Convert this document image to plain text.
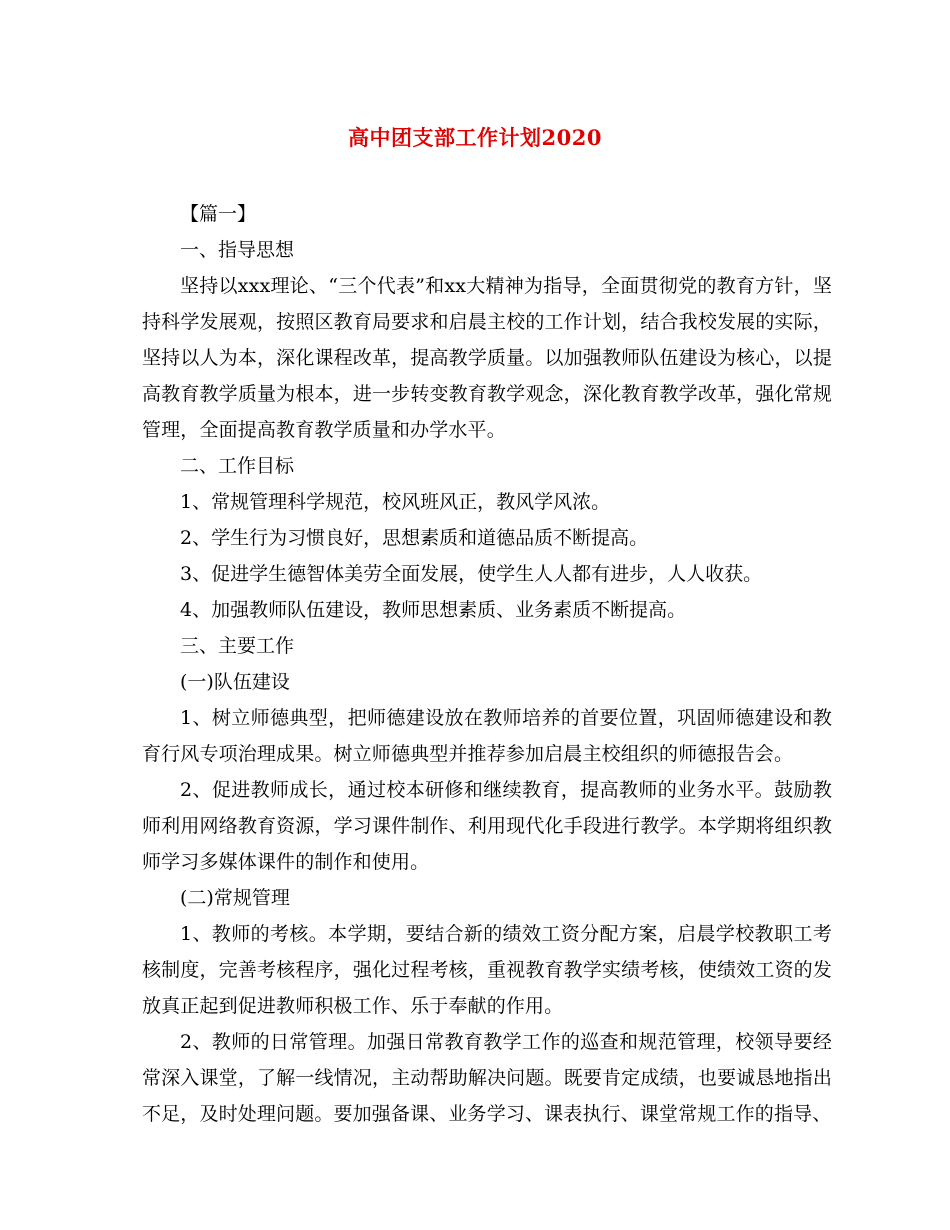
高中团支部工作计划2020

【篇一】

一、指导思想

坚持以xxx理论、“三个代表”和xx大精神为指导，全面贯彻党的教育方针，坚持科学发展观，按照区教育局要求和启晨主校的工作计划，结合我校发展的实际，坚持以人为本，深化课程改革，提高教学质量。以加强教师队伍建设为核心，以提高教育教学质量为根本，进一步转变教育教学观念，深化教育教学改革，强化常规管理，全面提高教育教学质量和办学水平。

二、工作目标

1、常规管理科学规范，校风班风正，教风学风浓。

2、学生行为习惯良好，思想素质和道德品质不断提高。

3、促进学生德智体美劳全面发展，使学生人人都有进步，人人收获。

4、加强教师队伍建设，教师思想素质、业务素质不断提高。

三、主要工作

(一)队伍建设

1、树立师德典型，把师德建设放在教师培养的首要位置，巩固师德建设和教育行风专项治理成果。树立师德典型并推荐参加启晨主校组织的师德报告会。

2、促进教师成长，通过校本研修和继续教育，提高教师的业务水平。鼓励教师利用网络教育资源，学习课件制作、利用现代化手段进行教学。本学期将组织教师学习多媒体课件的制作和使用。

(二)常规管理

1、教师的考核。本学期，要结合新的绩效工资分配方案，启晨学校教职工考核制度，完善考核程序，强化过程考核，重视教育教学实绩考核，使绩效工资的发放真正起到促进教师积极工作、乐于奉献的作用。

2、教师的日常管理。加强日常教育教学工作的巡查和规范管理，校领导要经常深入课堂，了解一线情况，主动帮助解决问题。既要肯定成绩，也要诚恳地指出不足，及时处理问题。要加强备课、业务学习、课表执行、课堂常规工作的指导、
